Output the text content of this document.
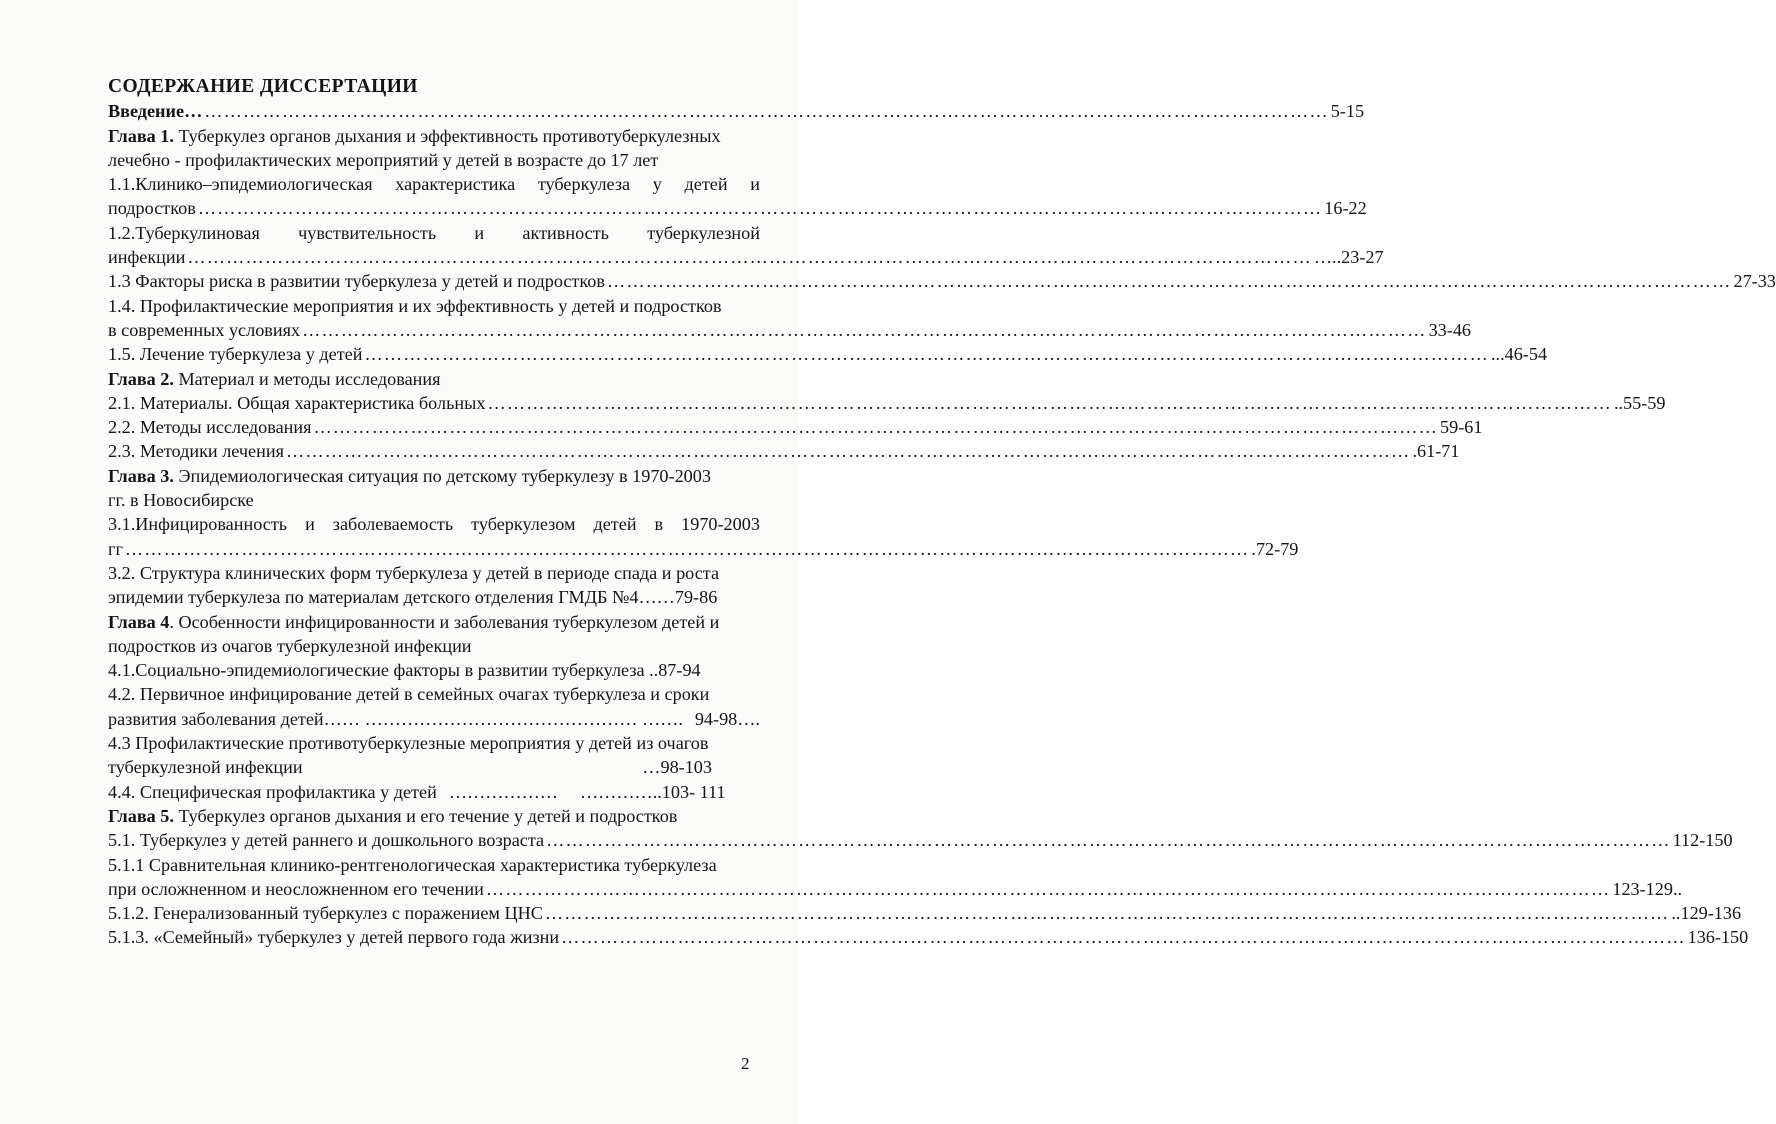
СОДЕРЖАНИЕ ДИССЕРТАЦИИ
Введение… ………………………………………………………………………………………………………………………………………………………… 5-15
Глава 1. Туберкулез органов дыхания и эффективность противотуберкулезных
лечебно - профилактических мероприятий у детей в возрасте до 17 лет
1.1.Клинико–эпидемиологическая характеристика туберкулеза у детей и
подростков ………………………………………………………………………………………………………………………………………………………… 16-22
1.2.Туберкулиновая чувствительность и активность туберкулезной
инфекции ………………………………………………………………………………………………………………………………………………………… …..23-27
1.3 Факторы риска в развитии туберкулеза у детей и подростков ………………………………………………………………………………………………………………………………………………………… 27-33
1.4. Профилактические мероприятия и их эффективность у детей и подростков
в современных условиях ………………………………………………………………………………………………………………………………………………………… 33-46
1.5. Лечение туберкулеза у детей ………………………………………………………………………………………………………………………………………………………… ...46-54
Глава 2. Материал и методы исследования
2.1. Материалы. Общая характеристика больных ………………………………………………………………………………………………………………………………………………………… ..55-59
2.2. Методы исследования ………………………………………………………………………………………………………………………………………………………… 59-61
2.3. Методики лечения ………………………………………………………………………………………………………………………………………………………… .61-71
Глава 3. Эпидемиологическая ситуация по детскому туберкулезу в 1970-2003
гг. в Новосибирске
3.1.Инфицированность и заболеваемость туберкулезом детей в 1970-2003
гг ………………………………………………………………………………………………………………………………………………………… .72-79
3.2. Структура клинических форм туберкулеза у детей в периоде спада и роста
эпидемии туберкулеза по материалам детского отделения ГМДБ №4……79-86
Глава 4. Особенности инфицированности и заболевания туберкулезом детей и
подростков из очагов туберкулезной инфекции
4.1.Социально-эпидемиологические факторы в развитии туберкулеза ..87-94
4.2. Первичное инфицирование детей в семейных очагах туберкулеза и сроки
развития заболевания детей…… ……………………………………… ……. 94-98….
4.3 Профилактические противотуберкулезные мероприятия у детей из очагов
туберкулезной инфекции	…98-103
4.4. Специфическая профилактика у детей ……………… ………….. 103- 111
Глава 5. Туберкулез органов дыхания и его течение у детей и подростков
5.1. Туберкулез у детей раннего и дошкольного возраста ………………………………………………………………………………………………………………………………………………………… 112-150
5.1.1 Сравнительная клинико-рентгенологическая характеристика туберкулеза
при осложненном и неосложненном его течении ………………………………………………………………………………………………………………………………………………………… 123-129..
5.1.2. Генерализованный туберкулез с поражением ЦНС ………………………………………………………………………………………………………………………………………………………… ..129-136
5.1.3. «Семейный» туберкулез у детей первого года жизни ………………………………………………………………………………………………………………………………………………………… 136-150
2
